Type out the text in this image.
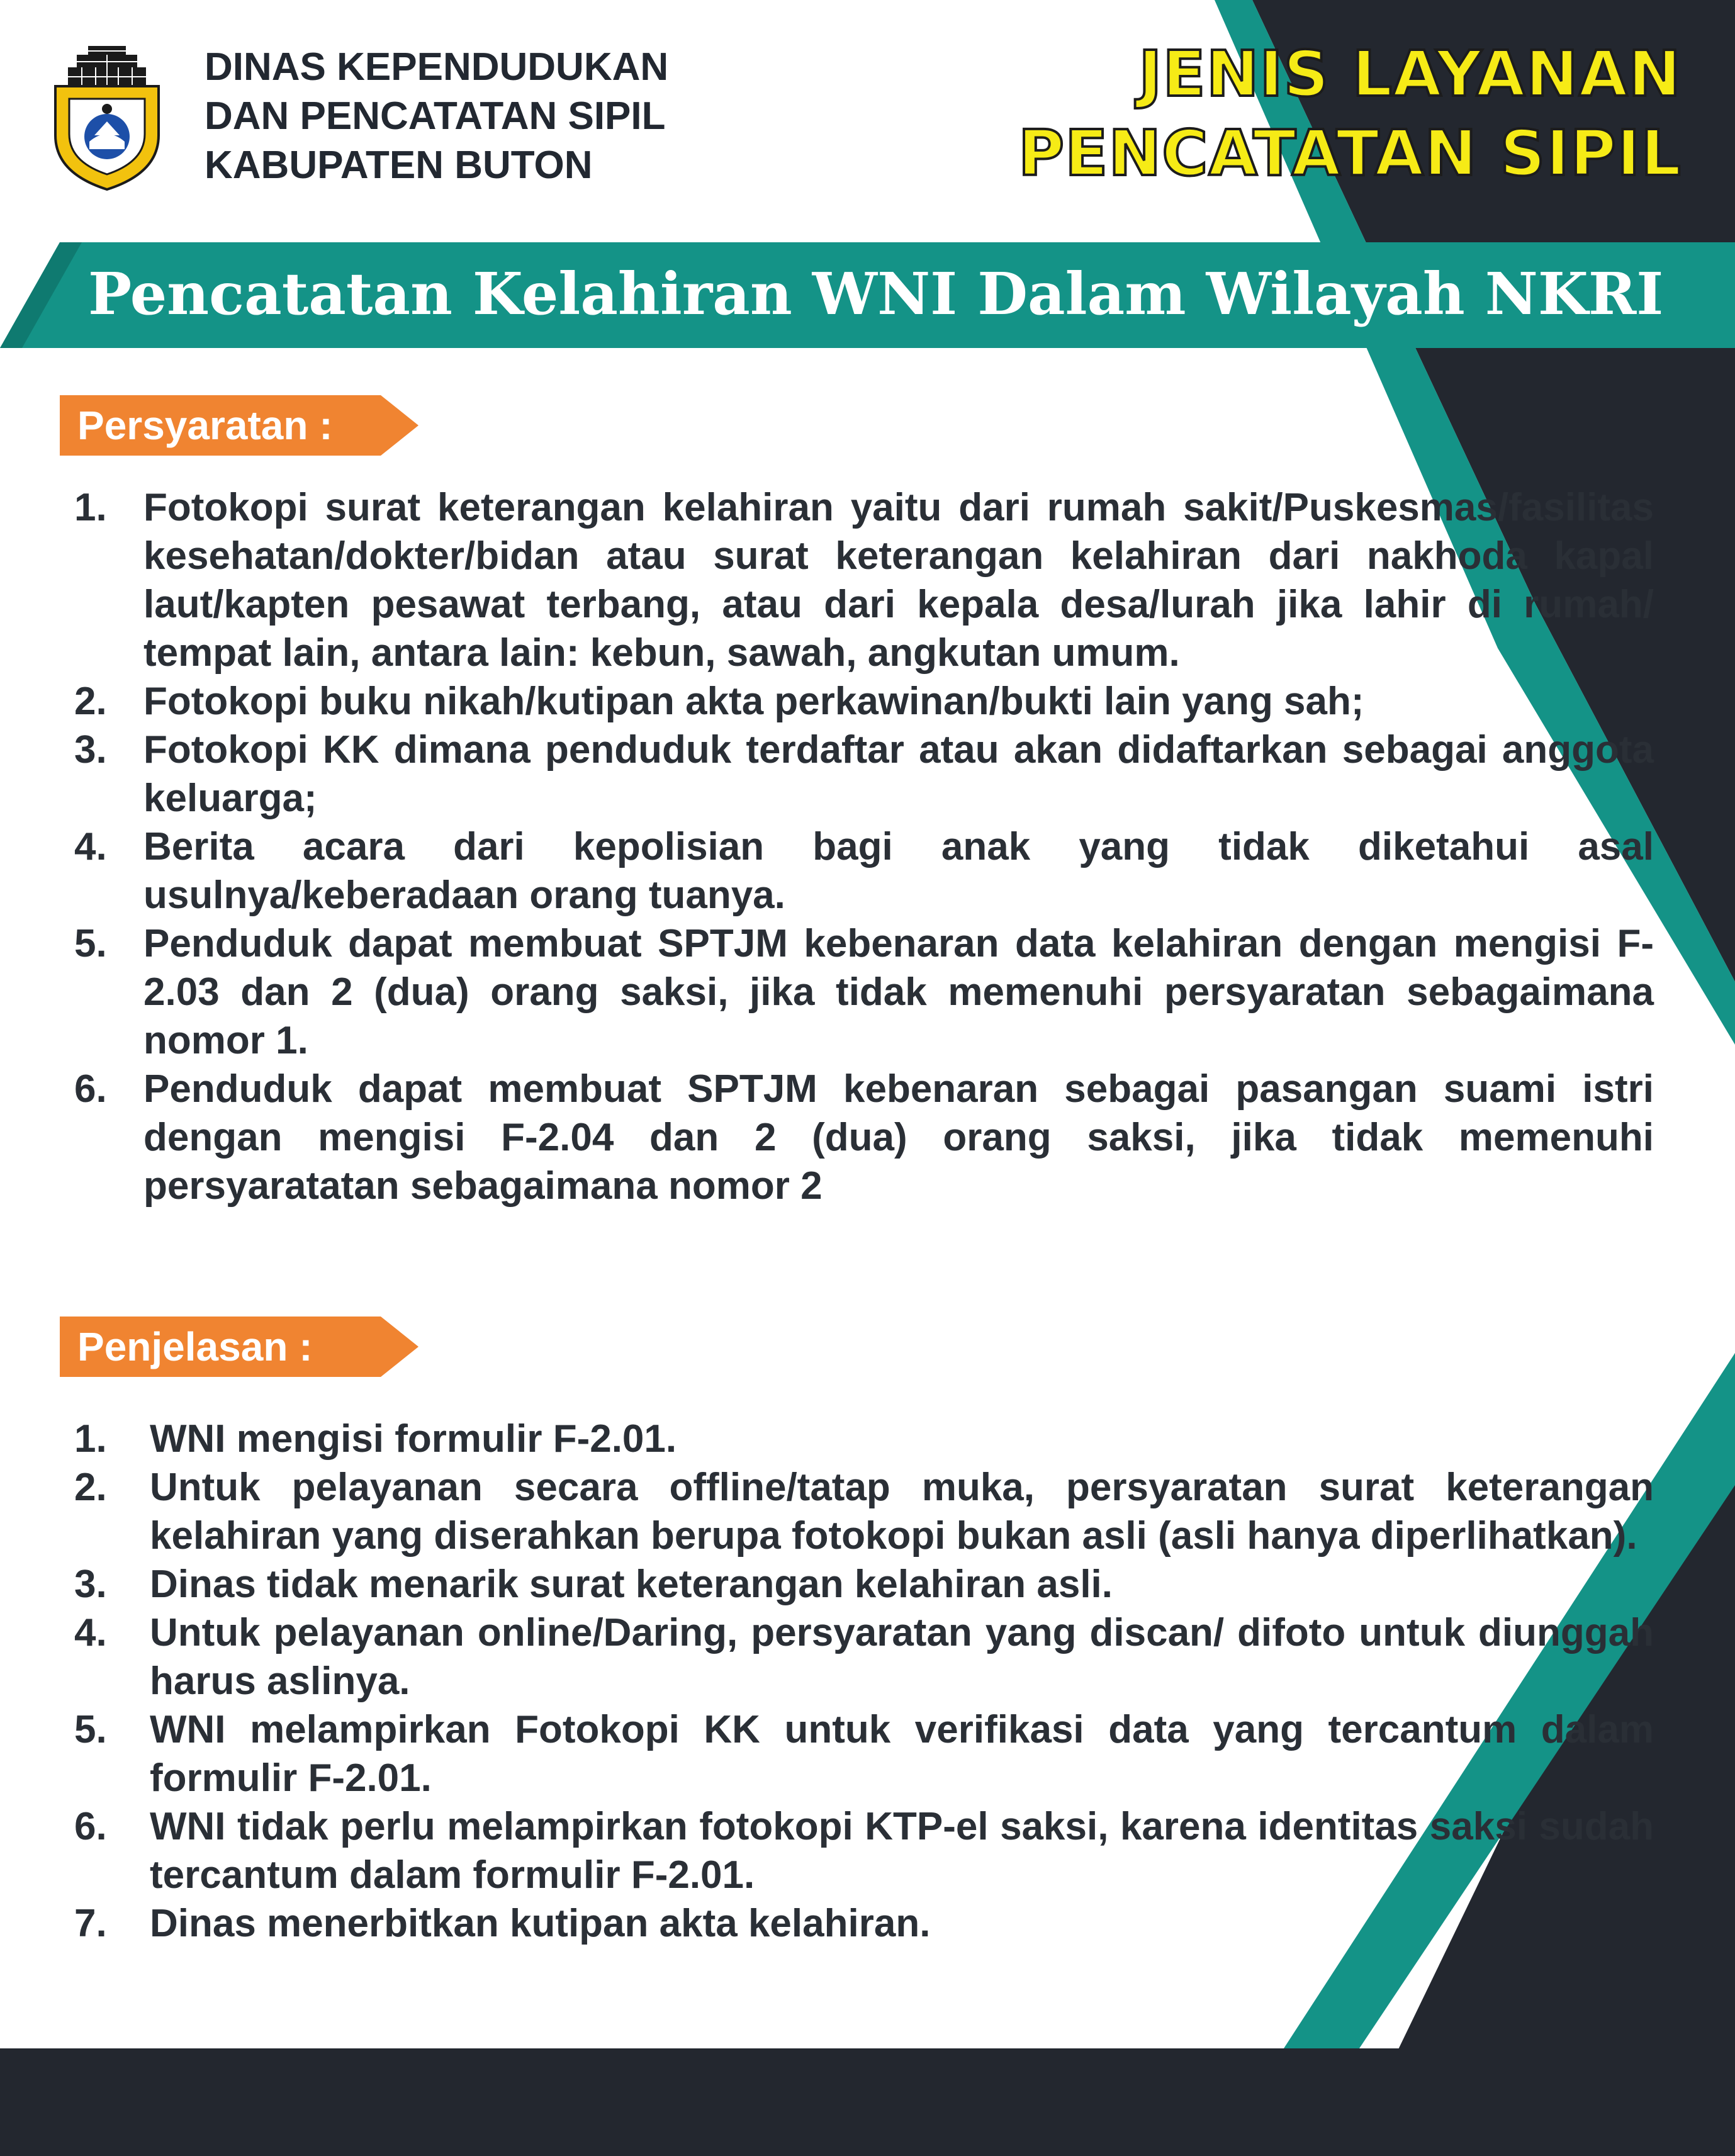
DINAS KEPENDUDUKAN
DAN PENCATATAN SIPIL
KABUPATEN BUTON
JENIS LAYANAN
PENCATATAN SIPIL
Pencatatan Kelahiran WNI Dalam Wilayah NKRI
Persyaratan :
1. Fotokopi surat keterangan kelahiran yaitu dari rumah sakit/Puskesmas/fasilitas kesehatan/dokter/bidan atau surat keterangan kelahiran dari nakhoda kapal laut/kapten pesawat terbang, atau dari kepala desa/lurah jika lahir di rumah/ tempat lain, antara lain: kebun, sawah, angkutan umum.
2. Fotokopi buku nikah/kutipan akta perkawinan/bukti lain yang sah;
3. Fotokopi KK dimana penduduk terdaftar atau akan didaftarkan sebagai anggota keluarga;
4. Berita acara dari kepolisian bagi anak yang tidak diketahui asal usulnya/keberadaan orang tuanya.
5. Penduduk dapat membuat SPTJM kebenaran data kelahiran dengan mengisi F-2.03 dan 2 (dua) orang saksi, jika tidak memenuhi persyaratan sebagaimana nomor 1.
6. Penduduk dapat membuat SPTJM kebenaran sebagai pasangan suami istri dengan mengisi F-2.04 dan 2 (dua) orang saksi, jika tidak memenuhi persyaratatan sebagaimana nomor 2
Penjelasan :
1. WNI mengisi formulir F-2.01.
2. Untuk pelayanan secara offline/tatap muka, persyaratan surat keterangan kelahiran yang diserahkan berupa fotokopi bukan asli (asli hanya diperlihatkan).
3. Dinas tidak menarik surat keterangan kelahiran asli.
4. Untuk pelayanan online/Daring, persyaratan yang discan/ difoto untuk diunggah harus aslinya.
5. WNI melampirkan Fotokopi KK untuk verifikasi data yang tercantum dalam formulir F-2.01.
6. WNI tidak perlu melampirkan fotokopi KTP-el saksi, karena identitas saksi sudah tercantum dalam formulir F-2.01.
7. Dinas menerbitkan kutipan akta kelahiran.
